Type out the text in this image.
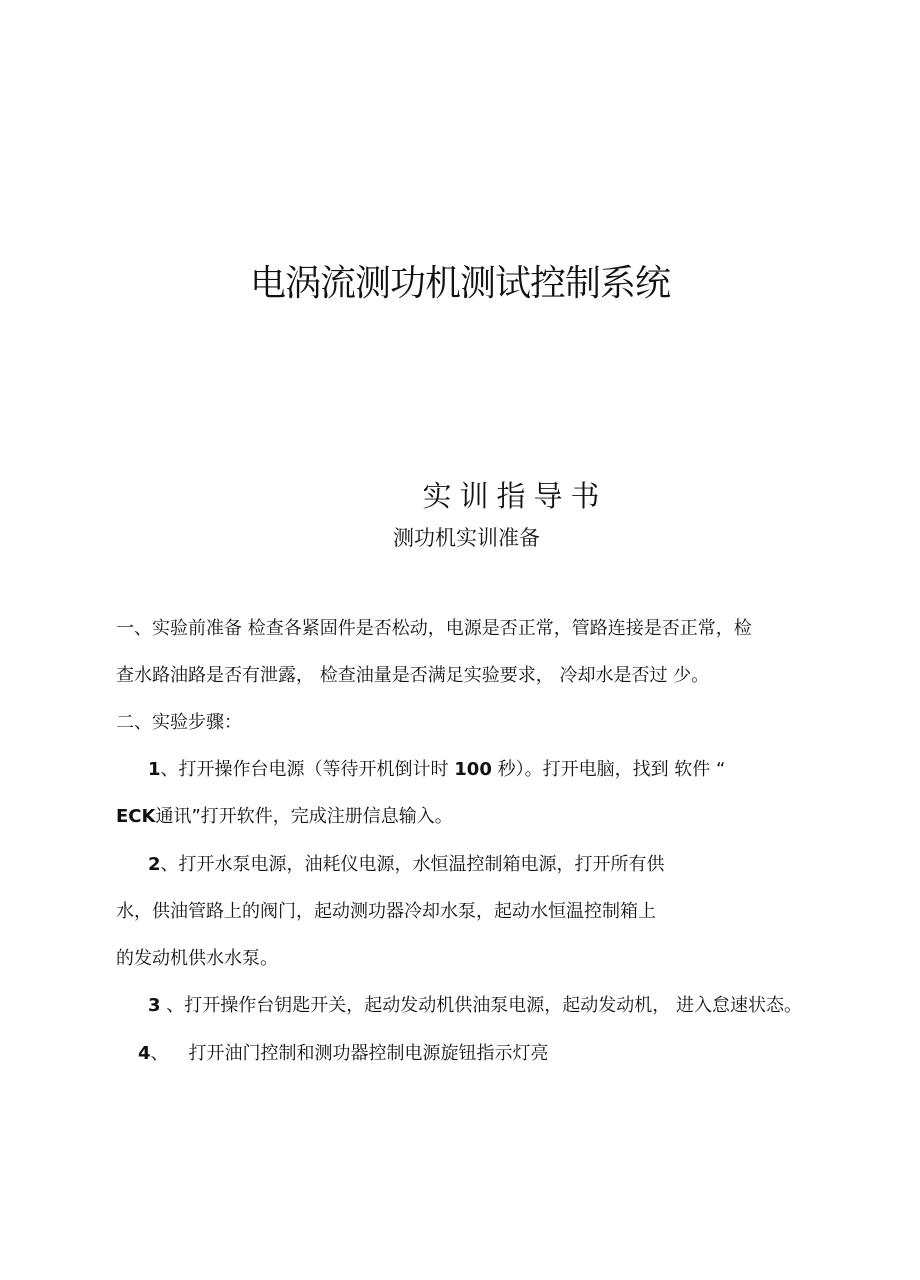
电涡流测功机测试控制系统
实训指导书
测功机实训准备
一、实验前准备 检查各紧固件是否松动，电源是否正常，管路连接是否正常，检
查水路油路是否有泄露， 检查油量是否满足实验要求， 冷却水是否过 少。
二、实验步骤：
1、打开操作台电源（等待开机倒计时 100 秒）。打开电脑，找到 软件 “
ECK通讯”打开软件，完成注册信息输入。
2、打开水泵电源，油耗仪电源，水恒温控制箱电源，打开所有供
水，供油管路上的阀门，起动测功器冷却水泵，起动水恒温控制箱上
的发动机供水水泵。
3 、打开操作台钥匙开关，起动发动机供油泵电源，起动发动机， 进入怠速状态。
4、 打开油门控制和测功器控制电源旋钮指示灯亮
